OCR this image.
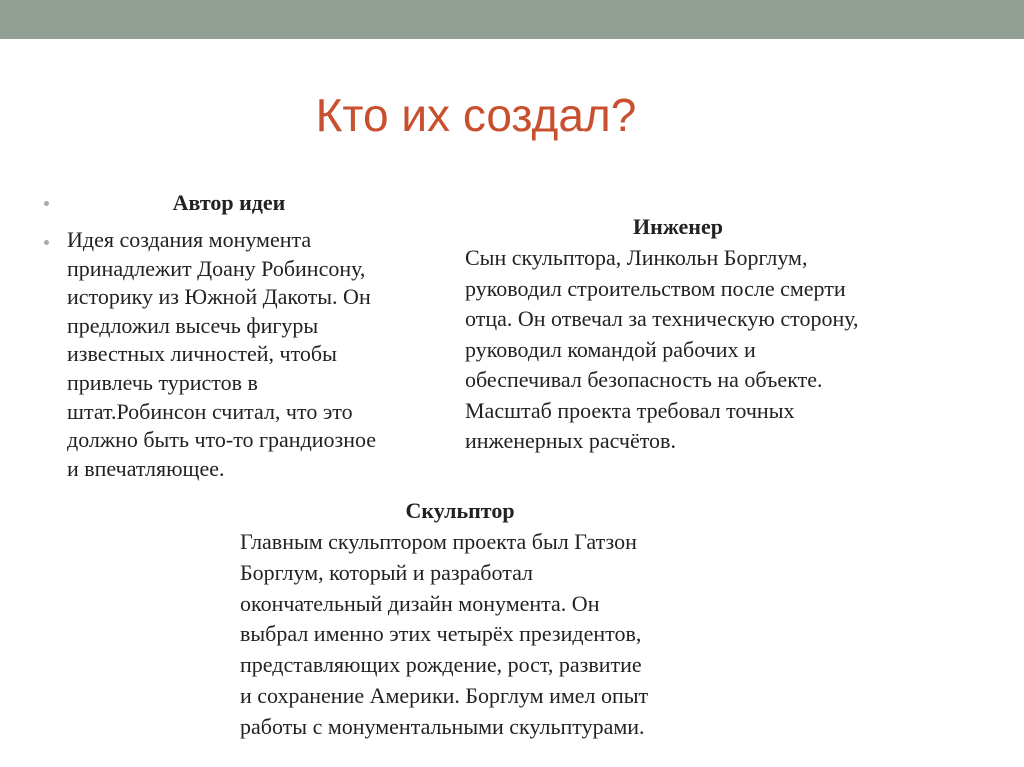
Кто их создал?
Автор идеи
Идея создания монумента
принадлежит Доану Робинсону,
историку из Южной Дакоты. Он
предложил высечь фигуры
известных личностей, чтобы
привлечь туристов в
штат.Робинсон считал, что это
должно быть что-то грандиозное
и впечатляющее.
Инженер
Сын скульптора, Линкольн Борглум,
руководил строительством после смерти
отца. Он отвечал за техническую сторону,
руководил командой рабочих и
обеспечивал безопасность на объекте.
Масштаб проекта требовал точных
инженерных расчётов.
Скульптор
Главным скульптором проекта был Гатзон
Борглум, который и разработал
окончательный дизайн монумента. Он
выбрал именно этих четырёх президентов,
представляющих рождение, рост, развитие
и сохранение Америки. Борглум имел опыт
работы с монументальными скульптурами.
